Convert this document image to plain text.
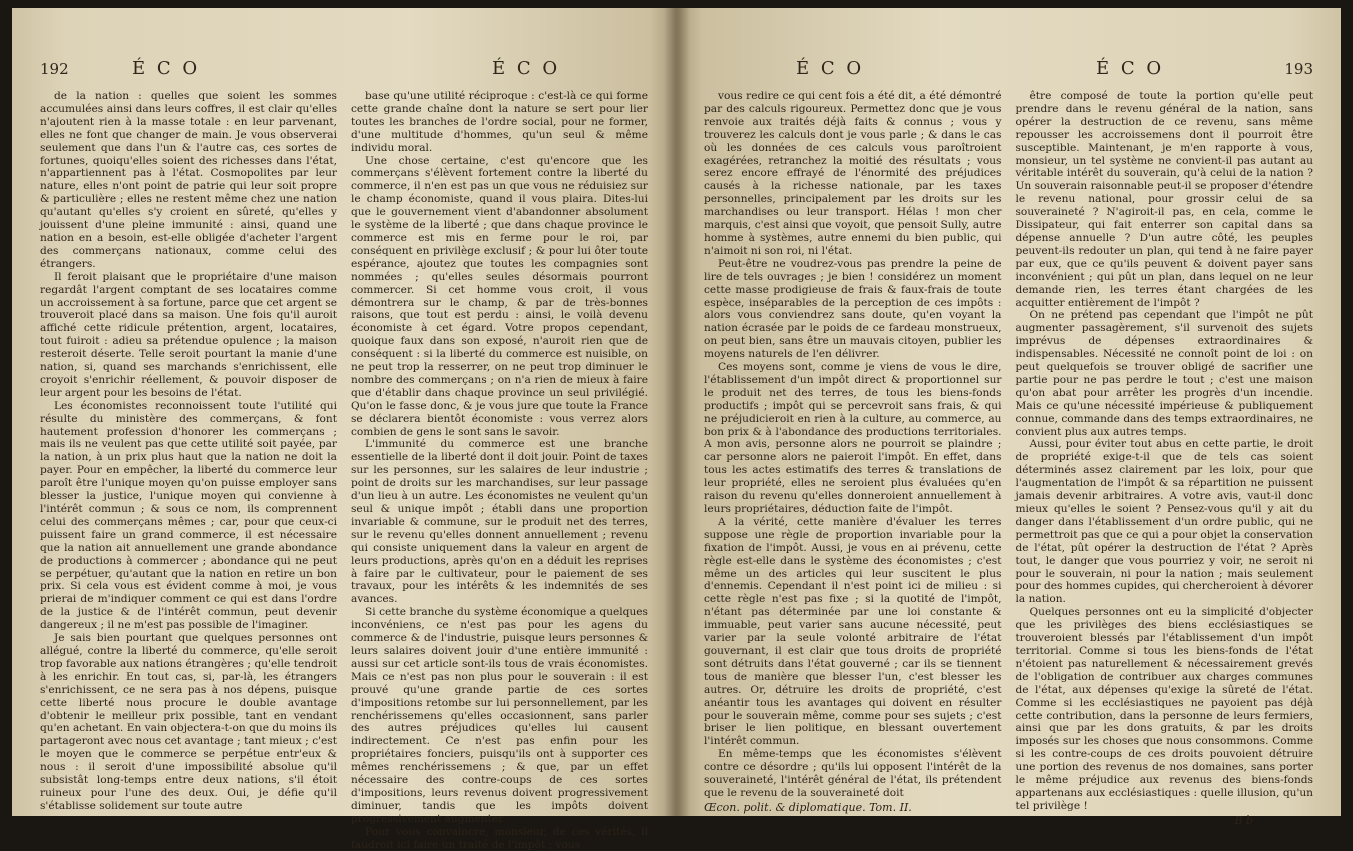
192	É C O	É C O

de la nation : quelles que soient les sommes accumulées ainsi dans leurs coffres, il est clair qu'elles n'ajoutent rien à la masse totale : en leur parvenant, elles ne font que changer de main. Je vous observerai seulement que dans l'un & l'autre cas, ces sortes de fortunes, quoiqu'elles soient des richesses dans l'état, n'appartiennent pas à l'état. Cosmopolites par leur nature, elles n'ont point de patrie qui leur soit propre & particulière ; elles ne restent même chez une nation qu'autant qu'elles s'y croient en sûreté, qu'elles y jouissent d'une pleine immunité : ainsi, quand une nation en a besoin, est-elle obligée d'acheter l'argent des commerçans nationaux, comme celui des étrangers.

Il feroit plaisant que le propriétaire d'une maison regardât l'argent comptant de ses locataires comme un accroissement à sa fortune, parce que cet argent se trouveroit placé dans sa maison. Une fois qu'il auroit affiché cette ridicule prétention, argent, locataires, tout fuiroit : adieu sa prétendue opulence ; la maison resteroit déserte. Telle seroit pourtant la manie d'une nation, si, quand ses marchands s'enrichissent, elle croyoit s'enrichir réellement, & pouvoir disposer de leur argent pour les besoins de l'état.

Les économistes reconnoissent toute l'utilité qui résulte du ministère des commerçans, & font hautement profession d'honorer les commerçans ; mais ils ne veulent pas que cette utilité soit payée, par la nation, à un prix plus haut que la nation ne doit la payer. Pour en empêcher, la liberté du commerce leur paroît être l'unique moyen qu'on puisse employer sans blesser la justice, l'unique moyen qui convienne à l'intérêt commun ; & sous ce nom, ils comprennent celui des commerçans mêmes ; car, pour que ceux-ci puissent faire un grand commerce, il est nécessaire que la nation ait annuellement une grande abondance de productions à commercer ; abondance qui ne peut se perpétuer, qu'autant que la nation en retire un bon prix. Si cela vous est évident comme à moi, je vous prierai de m'indiquer comment ce qui est dans l'ordre de la justice & de l'intérêt commun, peut devenir dangereux ; il ne m'est pas possible de l'imaginer.

Je sais bien pourtant que quelques personnes ont allégué, contre la liberté du commerce, qu'elle seroit trop favorable aux nations étrangères ; qu'elle tendroit à les enrichir. En tout cas, si, par-là, les étrangers s'enrichissent, ce ne sera pas à nos dépens, puisque cette liberté nous procure le double avantage d'obtenir le meilleur prix possible, tant en vendant qu'en achetant. En vain objectera-t-on que du moins ils partageront avec nous cet avantage ; tant mieux ; c'est le moyen que le commerce se perpétue entr'eux & nous : il seroit d'une impossibilité absolue qu'il subsistât long-temps entre deux nations, s'il étoit ruineux pour l'une des deux. Oui, je défie qu'il s'établisse solidement sur toute autre

base qu'une utilité réciproque : c'est-là ce qui forme cette grande chaîne dont la nature se sert pour lier toutes les branches de l'ordre social, pour ne former, d'une multitude d'hommes, qu'un seul & même individu moral.

Une chose certaine, c'est qu'encore que les commerçans s'élèvent fortement contre la liberté du commerce, il n'en est pas un que vous ne réduisiez sur le champ économiste, quand il vous plaira. Dites-lui que le gouvernement vient d'abandonner absolument le système de la liberté ; que dans chaque province le commerce est mis en ferme pour le roi, par conséquent en privilège exclusif ; & pour lui ôter toute espérance, ajoutez que toutes les compagnies sont nommées ; qu'elles seules désormais pourront commercer. Si cet homme vous croit, il vous démontrera sur le champ, & par de très-bonnes raisons, que tout est perdu : ainsi, le voilà devenu économiste à cet égard. Votre propos cependant, quoique faux dans son exposé, n'auroit rien que de conséquent : si la liberté du commerce est nuisible, on ne peut trop la resserrer, on ne peut trop diminuer le nombre des commerçans ; on n'a rien de mieux à faire que d'établir dans chaque province un seul privilégié. Qu'on le fasse donc, & je vous jure que toute la France se déclarera bientôt économiste : vous verrez alors combien de gens le sont sans le savoir.

L'immunité du commerce est une branche essentielle de la liberté dont il doit jouir. Point de taxes sur les personnes, sur les salaires de leur industrie ; point de droits sur les marchandises, sur leur passage d'un lieu à un autre. Les économistes ne veulent qu'un seul & unique impôt ; établi dans une proportion invariable & commune, sur le produit net des terres, sur le revenu qu'elles donnent annuellement ; revenu qui consiste uniquement dans la valeur en argent de leurs productions, après qu'on en a déduit les reprises à faire par le cultivateur, pour le paiement de ses travaux, pour les intérêts & les indemnités de ses avances.

Si cette branche du système économique a quelques inconvéniens, ce n'est pas pour les agens du commerce & de l'industrie, puisque leurs personnes & leurs salaires doivent jouir d'une entière immunité : aussi sur cet article sont-ils tous de vrais économistes. Mais ce n'est pas non plus pour le souverain : il est prouvé qu'une grande partie de ces sortes d'impositions retombe sur lui personnellement, par les renchérissemens qu'elles occasionnent, sans parler des autres préjudices qu'elles lui causent indirectement. Ce n'est pas enfin pour les propriétaires fonciers, puisqu'ils ont à supporter ces mêmes renchérissemens ; & que, par un effet nécessaire des contre-coups de ces sortes d'impositions, leurs revenus doivent progressivement diminuer, tandis que les impôts doivent progressivement augmenter.

Pour vous convaincre, monsieur, de ces vérités, il faudroit ici faire un traité de l'impôt ; vous

É C O	É C O	193

vous redire ce qui cent fois a été dit, a été démontré par des calculs rigoureux. Permettez donc que je vous renvoie aux traités déjà faits & connus ; vous y trouverez les calculs dont je vous parle ; & dans le cas où les données de ces calculs vous paroîtroient exagérées, retranchez la moitié des résultats ; vous serez encore effrayé de l'énormité des préjudices causés à la richesse nationale, par les taxes personnelles, principalement par les droits sur les marchandises ou leur transport. Hélas ! mon cher marquis, c'est ainsi que voyoit, que pensoit Sully, autre homme à systèmes, autre ennemi du bien public, qui n'aimoit ni son roi, ni l'état.

Peut-être ne voudrez-vous pas prendre la peine de lire de tels ouvrages ; je bien ! considérez un moment cette masse prodigieuse de frais & faux-frais de toute espèce, inséparables de la perception de ces impôts : alors vous conviendrez sans doute, qu'en voyant la nation écrasée par le poids de ce fardeau monstrueux, on peut bien, sans être un mauvais citoyen, publier les moyens naturels de l'en délivrer.

Ces moyens sont, comme je viens de vous le dire, l'établissement d'un impôt direct & proportionnel sur le produit net des terres, de tous les biens-fonds productifs ; impôt qui se percevroit sans frais, & qui ne préjudicieroit en rien à la culture, au commerce, au bon prix & à l'abondance des productions territoriales. A mon avis, personne alors ne pourroit se plaindre ; car personne alors ne paieroit l'impôt. En effet, dans tous les actes estimatifs des terres & translations de leur propriété, elles ne seroient plus évaluées qu'en raison du revenu qu'elles donneroient annuellement à leurs propriétaires, déduction faite de l'impôt.

A la vérité, cette manière d'évaluer les terres suppose une règle de proportion invariable pour la fixation de l'impôt. Aussi, je vous en ai prévenu, cette règle est-elle dans le système des économistes ; c'est même un des articles qui leur suscitent le plus d'ennemis. Cependant il n'est point ici de milieu : si cette règle n'est pas fixe ; si la quotité de l'impôt, n'étant pas déterminée par une loi constante & immuable, peut varier sans aucune nécessité, peut varier par la seule volonté arbitraire de l'état gouvernant, il est clair que tous droits de propriété sont détruits dans l'état gouverné ; car ils se tiennent tous de manière que blesser l'un, c'est blesser les autres. Or, détruire les droits de propriété, c'est anéantir tous les avantages qui doivent en résulter pour le souverain même, comme pour ses sujets ; c'est briser le lien politique, en blessant ouvertement l'intérêt commun.

En même-temps que les économistes s'élèvent contre ce désordre ; qu'ils lui opposent l'intérêt de la souveraineté, l'intérêt général de l'état, ils prétendent que le revenu de la souveraineté doit

Œcon. polit. & diplomatique. Tom. II.

être composé de toute la portion qu'elle peut prendre dans le revenu général de la nation, sans opérer la destruction de ce revenu, sans même repousser les accroissemens dont il pourroit être susceptible. Maintenant, je m'en rapporte à vous, monsieur, un tel système ne convient-il pas autant au véritable intérêt du souverain, qu'à celui de la nation ? Un souverain raisonnable peut-il se proposer d'étendre le revenu national, pour grossir celui de sa souveraineté ? N'agiroit-il pas, en cela, comme le Dissipateur, qui fait enterrer son capital dans sa dépense annuelle ? D'un autre côté, les peuples peuvent-ils redouter un plan, qui tend à ne faire payer par eux, que ce qu'ils peuvent & doivent payer sans inconvénient ; qui pût un plan, dans lequel on ne leur demande rien, les terres étant chargées de les acquitter entièrement de l'impôt ?

On ne prétend pas cependant que l'impôt ne pût augmenter passagèrement, s'il survenoit des sujets imprévus de dépenses extraordinaires & indispensables. Nécessité ne connoît point de loi : on peut quelquefois se trouver obligé de sacrifier une partie pour ne pas perdre le tout ; c'est une maison qu'on abat pour arrêter les progrès d'un incendie. Mais ce qu'une nécessité impérieuse & publiquement connue, commande dans des temps extraordinaires, ne convient plus aux autres temps.

Aussi, pour éviter tout abus en cette partie, le droit de propriété exige-t-il que de tels cas soient déterminés assez clairement par les loix, pour que l'augmentation de l'impôt & sa répartition ne puissent jamais devenir arbitraires. A votre avis, vaut-il donc mieux qu'elles le soient ? Pensez-vous qu'il y ait du danger dans l'établissement d'un ordre public, qui ne permettroit pas que ce qui a pour objet la conservation de l'état, pût opérer la destruction de l'état ? Après tout, le danger que vous pourriez y voir, ne seroit ni pour le souverain, ni pour la nation ; mais seulement pour des hommes cupides, qui chercheroient à dévorer la nation.

Quelques personnes ont eu la simplicité d'objecter que les privilèges des biens ecclésiastiques se trouveroient blessés par l'établissement d'un impôt territorial. Comme si tous les biens-fonds de l'état n'étoient pas naturellement & nécessairement grevés de l'obligation de contribuer aux charges communes de l'état, aux dépenses qu'exige la sûreté de l'état. Comme si les ecclésiastiques ne payoient pas déjà cette contribution, dans la personne de leurs fermiers, ainsi que par les dons gratuits, & par les droits imposés sur les choses que nous consommons. Comme si les contre-coups de ces droits pouvoient détruire une portion des revenus de nos domaines, sans porter le même préjudice aux revenus des biens-fonds appartenans aux ecclésiastiques : quelle illusion, qu'un tel privilège !

B b
